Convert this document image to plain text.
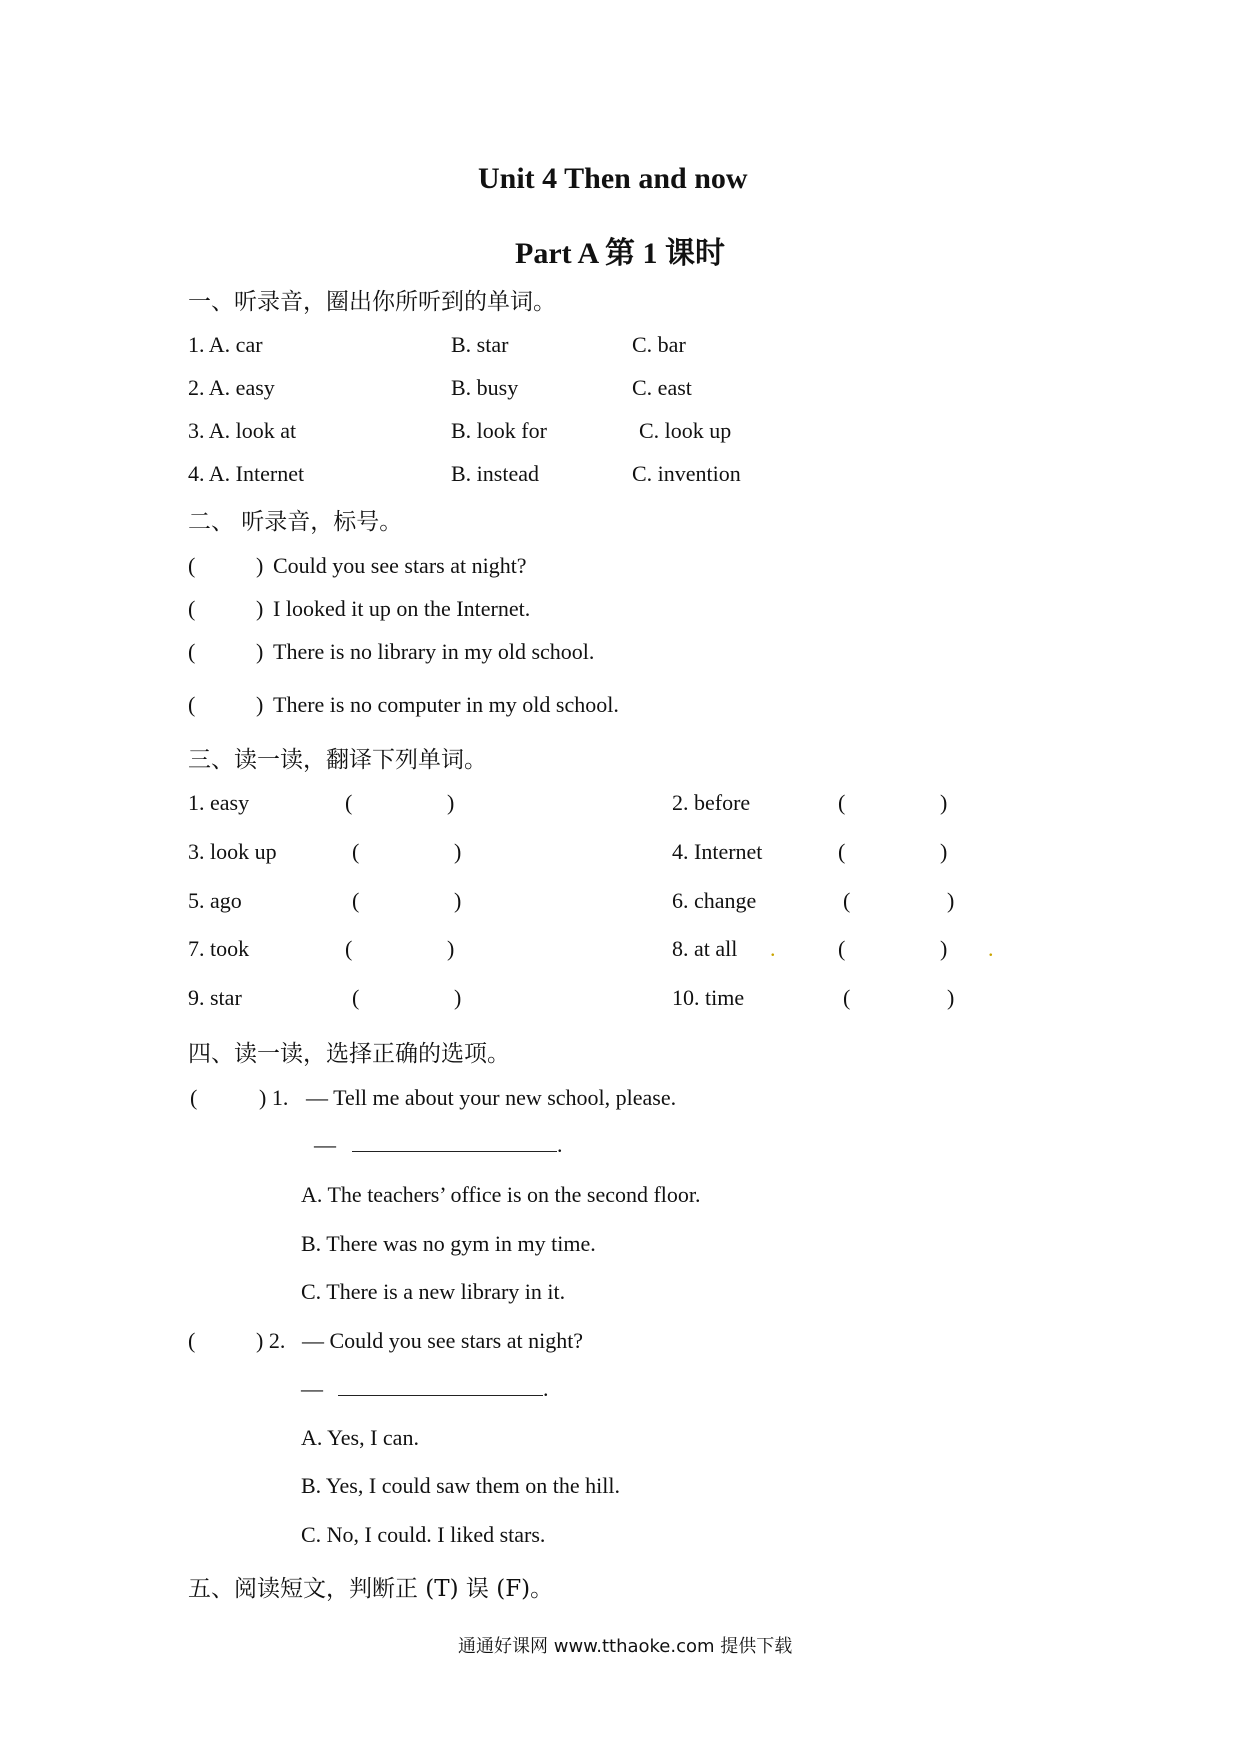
Unit 4 Then and now
Part A 第 1 课时
一、听录音，圈出你所听到的单词。
1. A. car	B. star	C. bar
2. A. easy	B. busy	C. east
3. A. look at	B. look for	C. look up
4. A. Internet	B. instead	C. invention
二、 听录音，标号。
(	) Could you see stars at night?
(	) I looked it up on the Internet.
(	) There is no library in my old school.
(	) There is no computer in my old school.
三、读一读，翻译下列单词。
1. easy	(	)	2. before	(	)
3. look up	(	)	4. Internet	(	)
5. ago	(	)	6. change	(	)
7. took	(	)	8. at all .	(	) .
9. star	(	)	10. time	(	)
四、读一读，选择正确的选项。
(	) 1. — Tell me about your new school, please.
—	.
A. The teachers’ office is on the second floor.
B. There was no gym in my time.
C. There is a new library in it.
(	) 2. — Could you see stars at night?
—	.
A. Yes, I can.
B. Yes, I could saw them on the hill.
C. No, I could. I liked stars.
五、阅读短文，判断正 (T) 误 (F)。
通通好课网 www.tthaoke.com 提供下载
